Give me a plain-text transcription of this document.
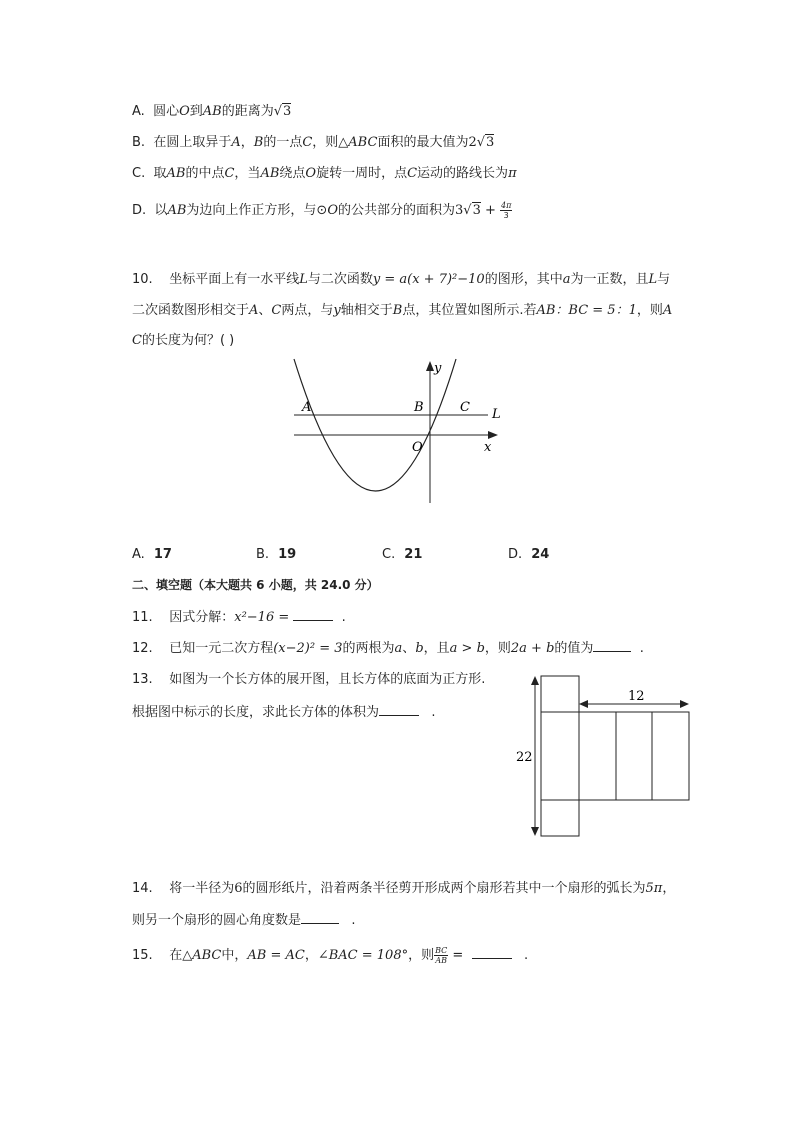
A. 圆心O到AB的距离为√3
B. 在圆上取异于A，B的一点C，则△ABC面积的最大值为2√3
C. 取AB的中点C，当AB绕点O旋转一周时，点C运动的路线长为π
D. 以AB为边向上作正方形，与⊙O的公共部分的面积为$3√3 + \frac{4\pi}{3}$
10. 坐标平面上有一水平线L与二次函数y = a(x + 7)²−10的图形，其中a为一正数，且L与
二次函数图形相交于A、C两点，与y轴相交于B点，其位置如图所示.若AB：BC = 5：1，则A
C的长度为何？( )
A	B	C L
O	x
y
A. 17	B. 19	C. 21	D. 24
二、填空题（本大题共 6 小题，共 24.0 分）
11. 因式分解：x²−16 =	.
12. 已知一元二次方程(x−2)² = 3的两根为a、b，且a > b，则2a + b的值为	.
13. 如图为一个长方体的展开图，且长方体的底面为正方形.
根据图中标示的长度，求此长方体的体积为	.
12
22
14. 将一半径为6的圆形纸片，沿着两条半径剪开形成两个扇形若其中一个扇形的弧长为5π，
则另一个扇形的圆心角度数是	.
15. 在△ABC中，AB = AC，∠BAC = 108°，则 $\frac{BC}{AB}$ =	.
